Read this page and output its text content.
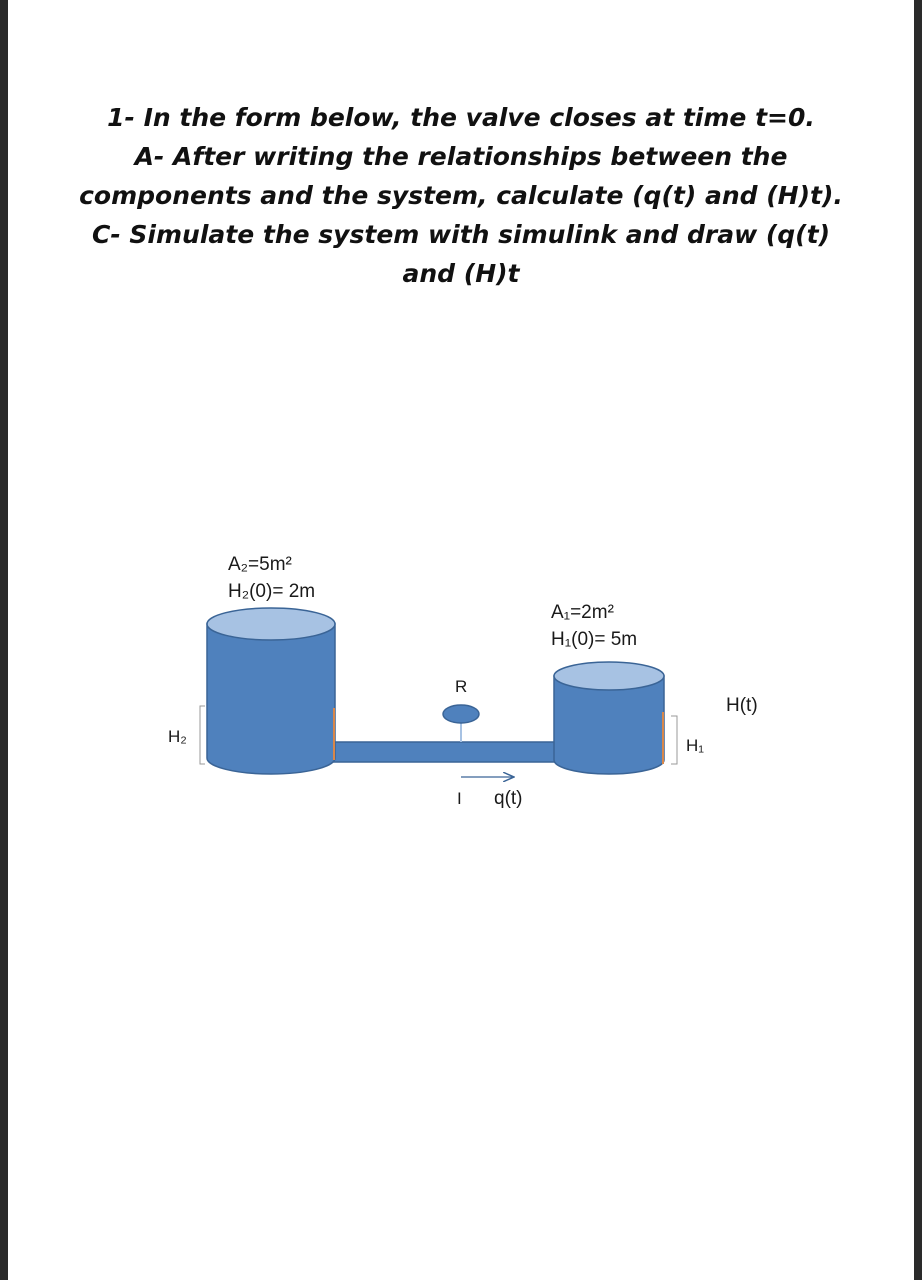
1- In the form below, the valve closes at time t=0.
A- After writing the relationships between the
components and the system, calculate (q(t) and (H)t).
C- Simulate the system with simulink and draw (q(t)
and (H)t
A₂=5m²
H₂(0)= 2m
A₁=2m²
H₁(0)= 5m
R
H₂	H₁
H(t)
I q(t)
